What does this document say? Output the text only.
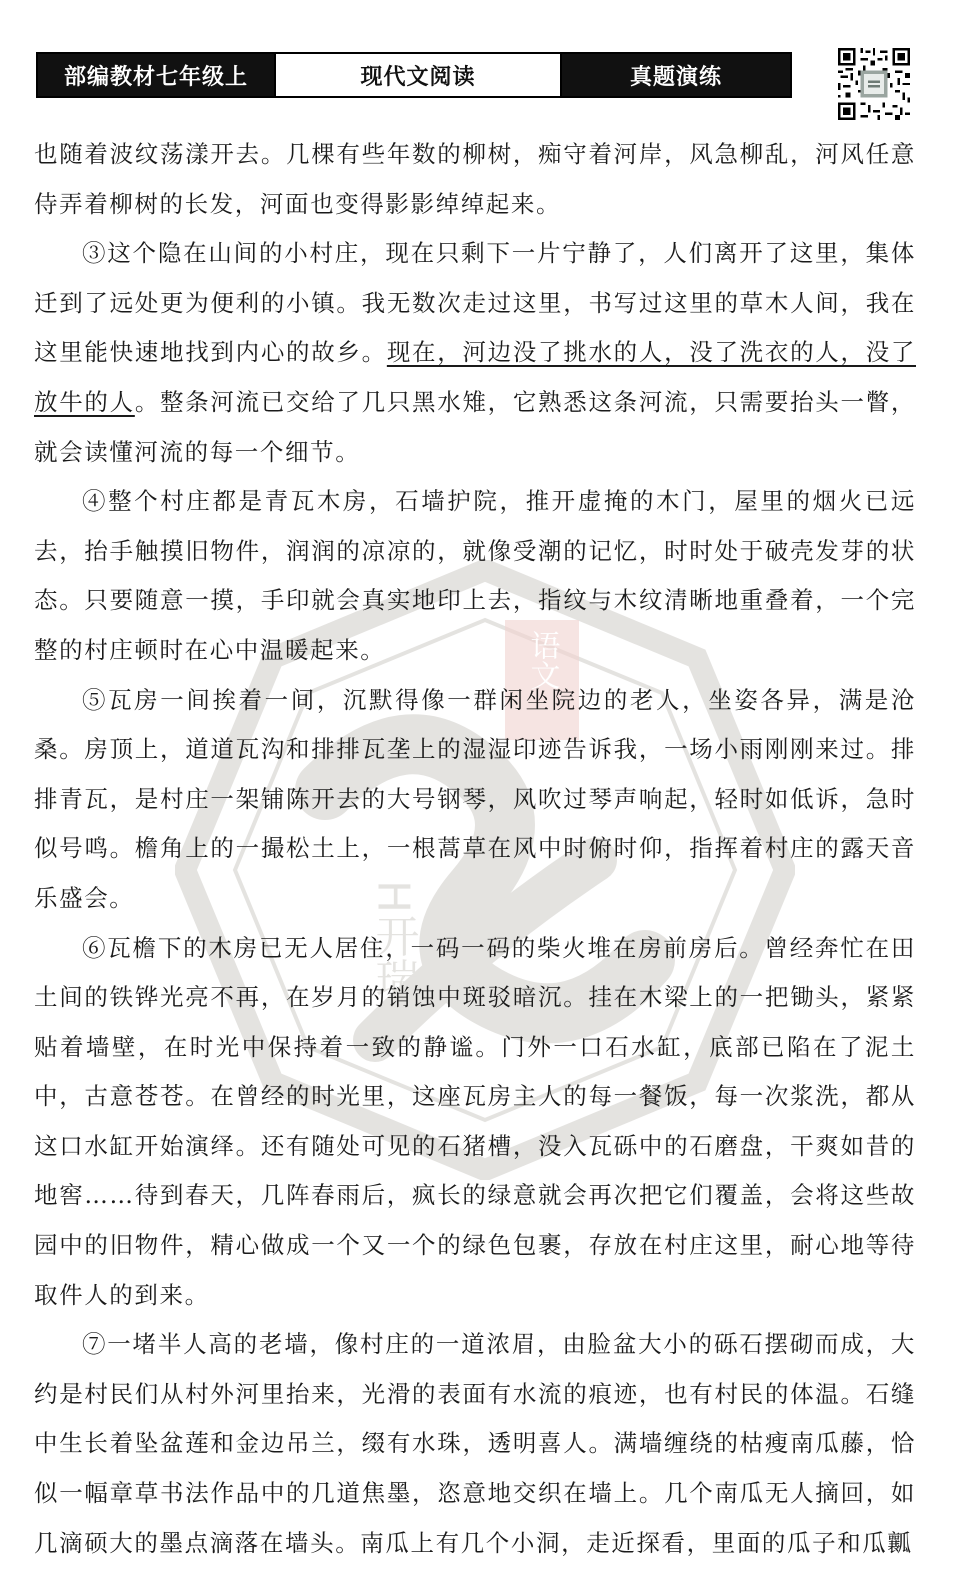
部编教材七年级上	现代文阅读	真题演练
语文
H开瑞

也随着波纹荡漾开去。几棵有些年数的柳树，痴守着河岸，风急柳乱，河风任意侍弄着柳树的长发，河面也变得影影绰绰起来。

③这个隐在山间的小村庄，现在只剩下一片宁静了，人们离开了这里，集体迁到了远处更为便利的小镇。我无数次走过这里，书写过这里的草木人间，我在这里能快速地找到内心的故乡。现在，河边没了挑水的人，没了洗衣的人，没了放牛的人。整条河流已交给了几只黑水雉，它熟悉这条河流，只需要抬头一瞥，就会读懂河流的每一个细节。

④整个村庄都是青瓦木房，石墙护院，推开虚掩的木门，屋里的烟火已远去，抬手触摸旧物件，润润的凉凉的，就像受潮的记忆，时时处于破壳发芽的状态。只要随意一摸，手印就会真实地印上去，指纹与木纹清晰地重叠着，一个完整的村庄顿时在心中温暖起来。

⑤瓦房一间挨着一间，沉默得像一群闲坐院边的老人，坐姿各异，满是沧桑。房顶上，道道瓦沟和排排瓦垄上的湿湿印迹告诉我，一场小雨刚刚来过。排排青瓦，是村庄一架铺陈开去的大号钢琴，风吹过琴声响起，轻时如低诉，急时似号鸣。檐角上的一撮松土上，一根蒿草在风中时俯时仰，指挥着村庄的露天音乐盛会。

⑥瓦檐下的木房已无人居住，一码一码的柴火堆在房前房后。曾经奔忙在田土间的铁铧光亮不再，在岁月的销蚀中斑驳暗沉。挂在木梁上的一把锄头，紧紧贴着墙壁，在时光中保持着一致的静谧。门外一口石水缸，底部已陷在了泥土中，古意苍苍。在曾经的时光里，这座瓦房主人的每一餐饭，每一次浆洗，都从这口水缸开始演绎。还有随处可见的石猪槽，没入瓦砾中的石磨盘，干爽如昔的地窖……待到春天，几阵春雨后，疯长的绿意就会再次把它们覆盖，会将这些故园中的旧物件，精心做成一个又一个的绿色包裹，存放在村庄这里，耐心地等待取件人的到来。

⑦一堵半人高的老墙，像村庄的一道浓眉，由脸盆大小的砾石摆砌而成，大约是村民们从村外河里抬来，光滑的表面有水流的痕迹，也有村民的体温。石缝中生长着坠盆莲和金边吊兰，缀有水珠，透明喜人。满墙缠绕的枯瘦南瓜藤，恰似一幅章草书法作品中的几道焦墨，恣意地交织在墙上。几个南瓜无人摘回，如几滴硕大的墨点滴落在墙头。南瓜上有几个小洞，走近探看，里面的瓜子和瓜瓤
